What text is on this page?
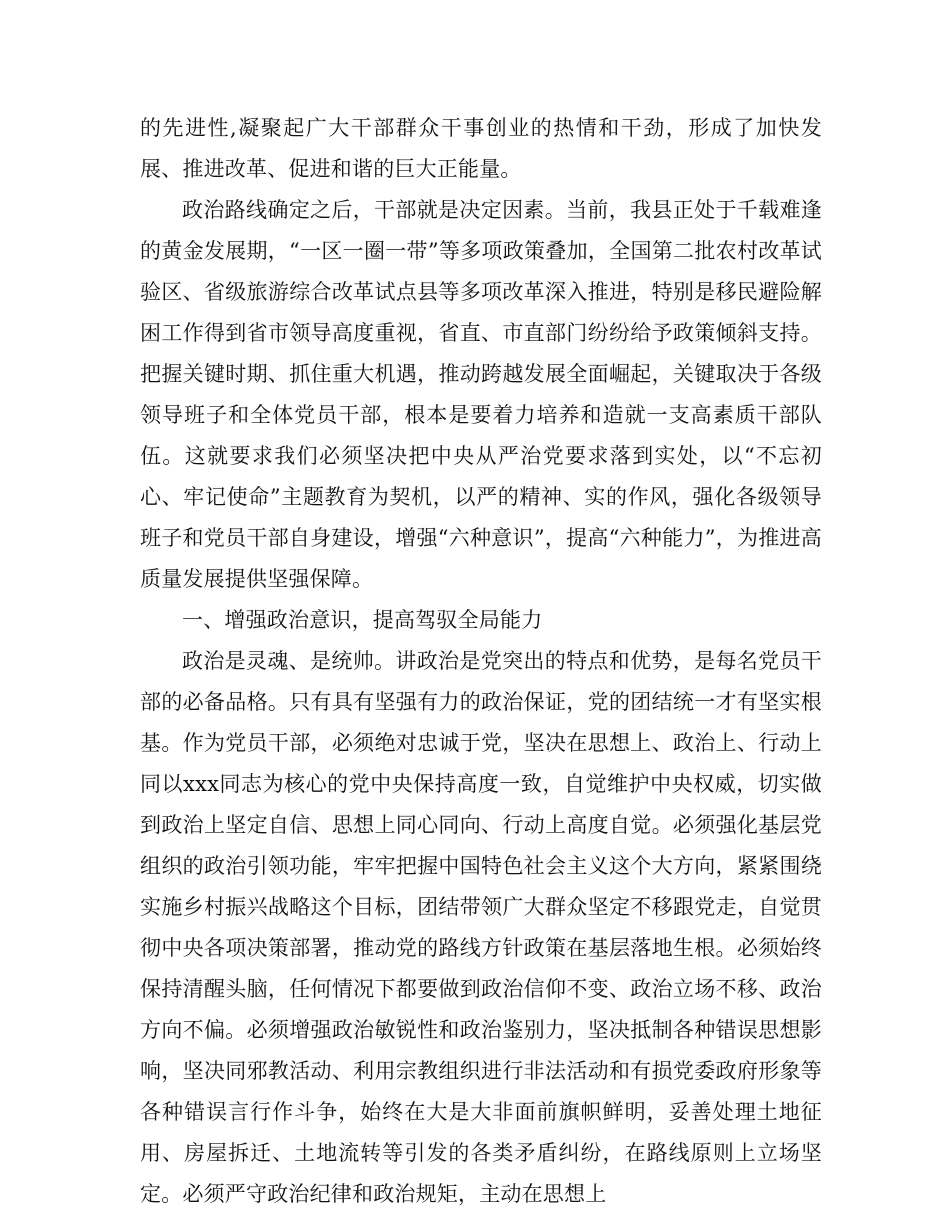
的先进性,凝聚起广大干部群众干事创业的热情和干劲，形成了加快发展、推进改革、促进和谐的巨大正能量。

政治路线确定之后，干部就是决定因素。当前，我县正处于千载难逢的黄金发展期，“一区一圈一带”等多项政策叠加，全国第二批农村改革试验区、省级旅游综合改革试点县等多项改革深入推进，特别是移民避险解困工作得到省市领导高度重视，省直、市直部门纷纷给予政策倾斜支持。把握关键时期、抓住重大机遇，推动跨越发展全面崛起，关键取决于各级领导班子和全体党员干部，根本是要着力培养和造就一支高素质干部队伍。这就要求我们必须坚决把中央从严治党要求落到实处，以“不忘初心、牢记使命”主题教育为契机，以严的精神、实的作风，强化各级领导班子和党员干部自身建设，增强“六种意识”，提高“六种能力”，为推进高质量发展提供坚强保障。

一、增强政治意识，提高驾驭全局能力

政治是灵魂、是统帅。讲政治是党突出的特点和优势，是每名党员干部的必备品格。只有具有坚强有力的政治保证，党的团结统一才有坚实根基。作为党员干部，必须绝对忠诚于党，坚决在思想上、政治上、行动上同以xxx同志为核心的党中央保持高度一致，自觉维护中央权威，切实做到政治上坚定自信、思想上同心同向、行动上高度自觉。必须强化基层党组织的政治引领功能，牢牢把握中国特色社会主义这个大方向，紧紧围绕实施乡村振兴战略这个目标，团结带领广大群众坚定不移跟党走，自觉贯彻中央各项决策部署，推动党的路线方针政策在基层落地生根。必须始终保持清醒头脑，任何情况下都要做到政治信仰不变、政治立场不移、政治方向不偏。必须增强政治敏锐性和政治鉴别力，坚决抵制各种错误思想影响，坚决同邪教活动、利用宗教组织进行非法活动和有损党委政府形象等各种错误言行作斗争，始终在大是大非面前旗帜鲜明，妥善处理土地征用、房屋拆迁、土地流转等引发的各类矛盾纠纷，在路线原则上立场坚定。必须严守政治纪律和政治规矩，主动在思想上
